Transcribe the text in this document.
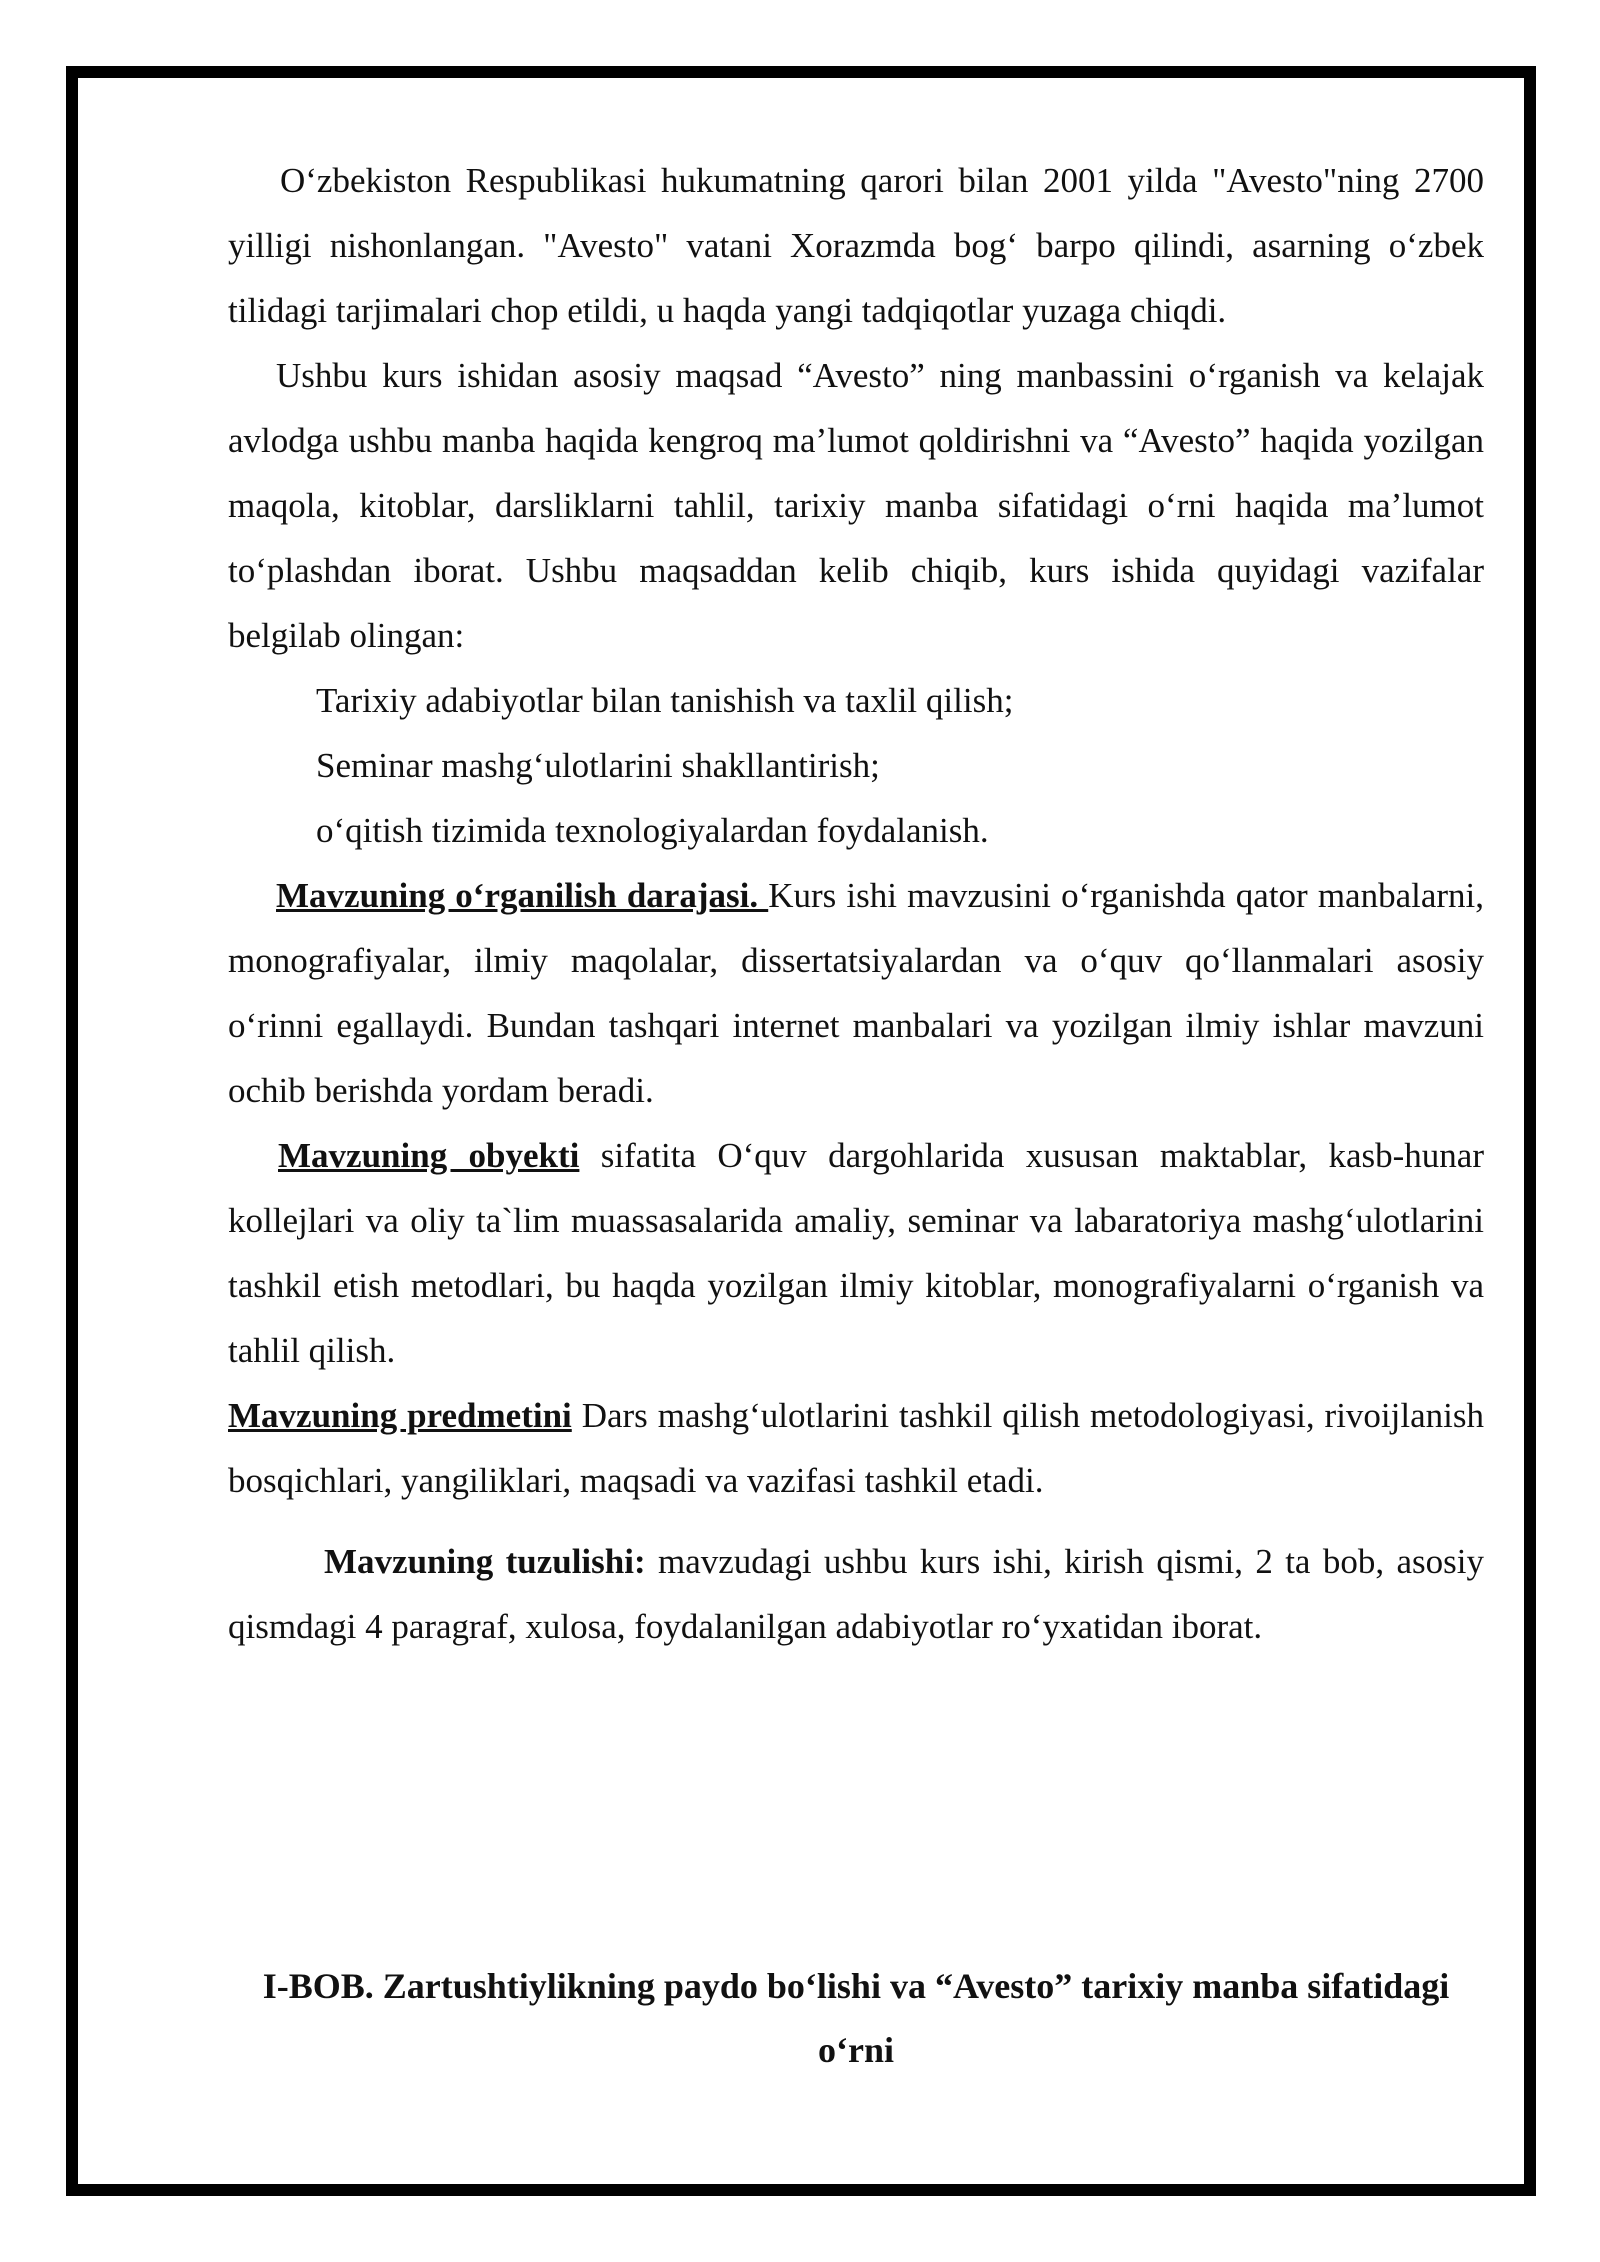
O‘zbekiston Respublikasi hukumatning qarori bilan 2001 yilda "Avesto"ning 2700 yilligi nishonlangan. "Avesto" vatani Xorazmda bog‘ barpo qilindi, asarning o‘zbek tilidagi tarjimalari chop etildi, u haqda yangi tadqiqotlar yuzaga chiqdi.

Ushbu kurs ishidan asosiy maqsad “Avesto” ning manbassini o‘rganish va kelajak avlodga ushbu manba haqida kengroq ma’lumot qoldirishni va “Avesto” haqida yozilgan maqola, kitoblar, darsliklarni tahlil, tarixiy manba sifatidagi o‘rni haqida ma’lumot to‘plashdan iborat. Ushbu maqsaddan kelib chiqib, kurs ishida quyidagi vazifalar belgilab olingan:

Tarixiy adabiyotlar bilan tanishish va taxlil qilish;

Seminar mashg‘ulotlarini shakllantirish;

o‘qitish tizimida texnologiyalardan foydalanish.

Mavzuning o‘rganilish darajasi. Kurs ishi mavzusini o‘rganishda qator manbalarni, monografiyalar, ilmiy maqolalar, dissertatsiyalardan va o‘quv qo‘llanmalari asosiy o‘rinni egallaydi. Bundan tashqari internet manbalari va yozilgan ilmiy ishlar mavzuni ochib berishda yordam beradi.

Mavzuning obyekti sifatita O‘quv dargohlarida xususan maktablar, kasb-hunar kollejlari va oliy ta`lim muassasalarida amaliy, seminar va labaratoriya mashg‘ulotlarini tashkil etish metodlari, bu haqda yozilgan ilmiy kitoblar, monografiyalarni o‘rganish va tahlil qilish.

Mavzuning predmetini Dars mashg‘ulotlarini tashkil qilish metodologiyasi, rivoijlanish bosqichlari, yangiliklari, maqsadi va vazifasi tashkil etadi.

Mavzuning tuzulishi: mavzudagi ushbu kurs ishi, kirish qismi, 2 ta bob, asosiy qismdagi 4 paragraf, xulosa, foydalanilgan adabiyotlar ro‘yxatidan iborat.

I-BOB. Zartushtiylikning paydo bo‘lishi va “Avesto” tarixiy manba sifatidagi o‘rni
